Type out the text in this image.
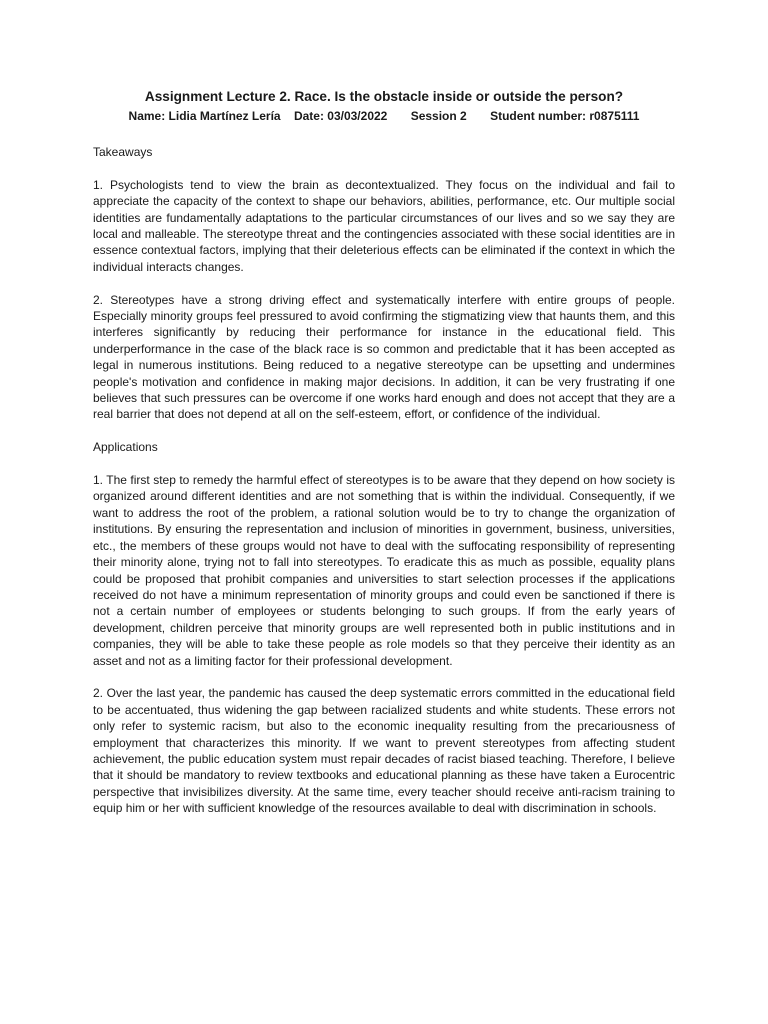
Assignment Lecture 2. Race. Is the obstacle inside or outside the person?
Name: Lidia Martínez Lería Date: 03/03/2022 Session 2 Student number: r0875111
Takeaways

1. Psychologists tend to view the brain as decontextualized. They focus on the individual and fail to appreciate the capacity of the context to shape our behaviors, abilities, performance, etc. Our multiple social identities are fundamentally adaptations to the particular circumstances of our lives and so we say they are local and malleable. The stereotype threat and the contingencies associated with these social identities are in essence contextual factors, implying that their deleterious effects can be eliminated if the context in which the individual interacts changes.

2. Stereotypes have a strong driving effect and systematically interfere with entire groups of people. Especially minority groups feel pressured to avoid confirming the stigmatizing view that haunts them, and this interferes significantly by reducing their performance for instance in the educational field. This underperformance in the case of the black race is so common and predictable that it has been accepted as legal in numerous institutions. Being reduced to a negative stereotype can be upsetting and undermines people's motivation and confidence in making major decisions. In addition, it can be very frustrating if one believes that such pressures can be overcome if one works hard enough and does not accept that they are a real barrier that does not depend at all on the self-esteem, effort, or confidence of the individual.

Applications

1. The first step to remedy the harmful effect of stereotypes is to be aware that they depend on how society is organized around different identities and are not something that is within the individual. Consequently, if we want to address the root of the problem, a rational solution would be to try to change the organization of institutions. By ensuring the representation and inclusion of minorities in government, business, universities, etc., the members of these groups would not have to deal with the suffocating responsibility of representing their minority alone, trying not to fall into stereotypes. To eradicate this as much as possible, equality plans could be proposed that prohibit companies and universities to start selection processes if the applications received do not have a minimum representation of minority groups and could even be sanctioned if there is not a certain number of employees or students belonging to such groups. If from the early years of development, children perceive that minority groups are well represented both in public institutions and in companies, they will be able to take these people as role models so that they perceive their identity as an asset and not as a limiting factor for their professional development.

2. Over the last year, the pandemic has caused the deep systematic errors committed in the educational field to be accentuated, thus widening the gap between racialized students and white students. These errors not only refer to systemic racism, but also to the economic inequality resulting from the precariousness of employment that characterizes this minority. If we want to prevent stereotypes from affecting student achievement, the public education system must repair decades of racist biased teaching. Therefore, I believe that it should be mandatory to review textbooks and educational planning as these have taken a Eurocentric perspective that invisibilizes diversity. At the same time, every teacher should receive anti-racism training to equip him or her with sufficient knowledge of the resources available to deal with discrimination in schools.
